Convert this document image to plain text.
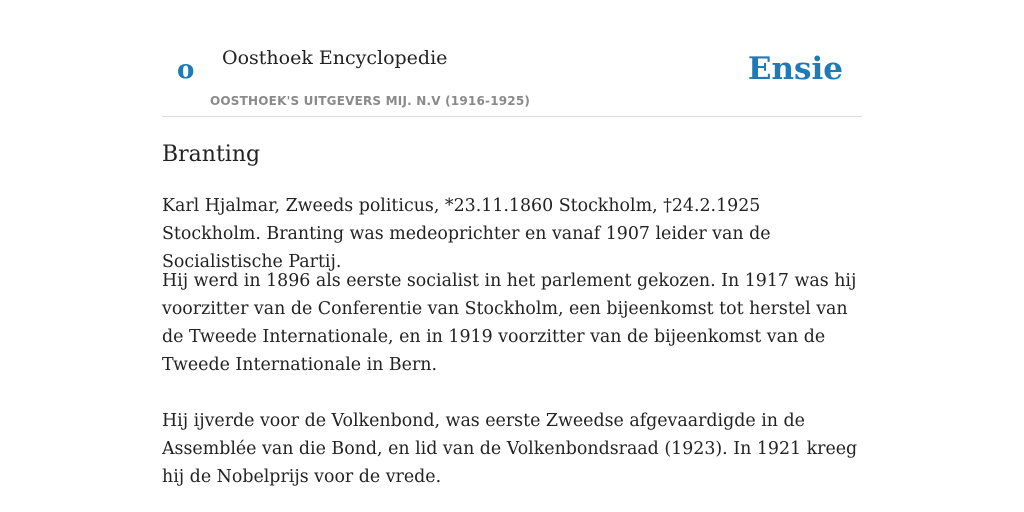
o Oosthoek Encyclopedie
OOSTHOEK'S UITGEVERS MIJ. N.V (1916-1925)
Ensie
Branting

Karl Hjalmar, Zweeds politicus, *23.11.1860 Stockholm, †24.2.1925 Stockholm. Branting was medeoprichter en vanaf 1907 leider van de Socialistische Partij.

Hij werd in 1896 als eerste socialist in het parlement gekozen. In 1917 was hij voorzitter van de Conferentie van Stockholm, een bijeenkomst tot herstel van de Tweede Internationale, en in 1919 voorzitter van de bijeenkomst van de Tweede Internationale in Bern.

Hij ijverde voor de Volkenbond, was eerste Zweedse afgevaardigde in de Assemblée van die Bond, en lid van de Volkenbondsraad (1923). In 1921 kreeg hij de Nobelprijs voor de vrede.
